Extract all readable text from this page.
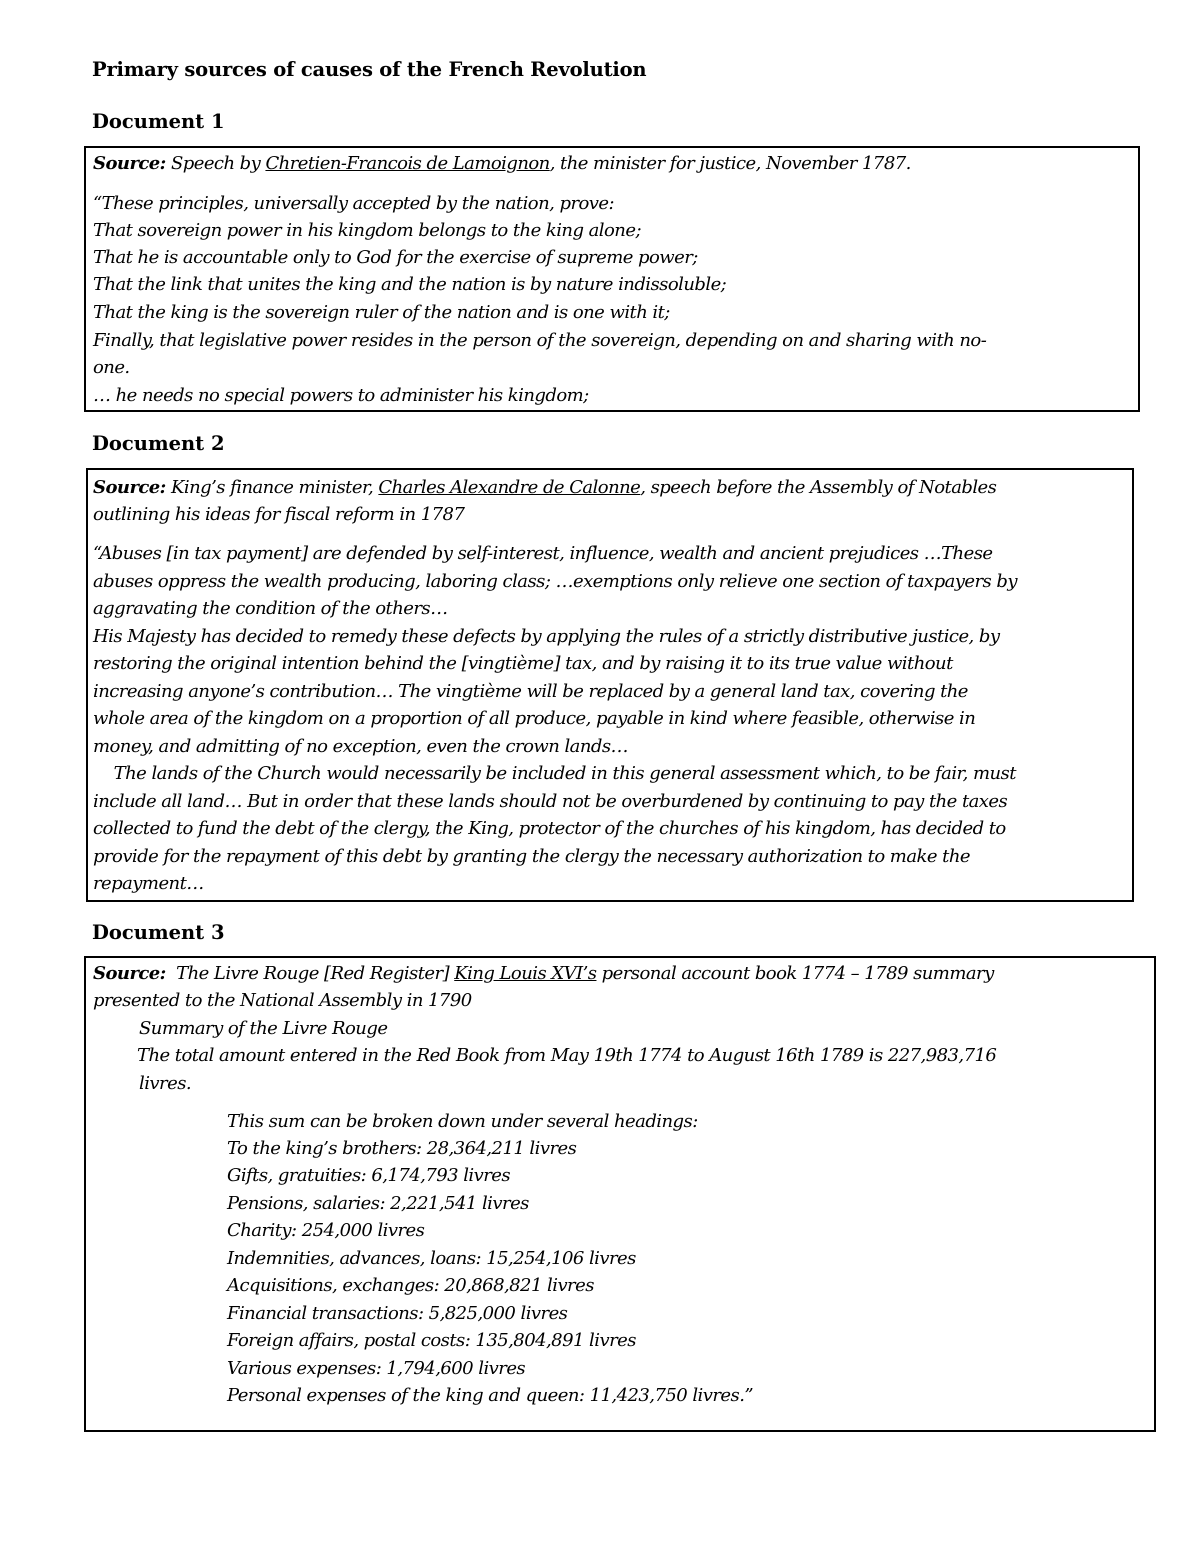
Primary sources of causes of the French Revolution
Document 1
Source: Speech by Chretien-Francois de Lamoignon, the minister for justice, November 1787.
“These principles, universally accepted by the nation, prove:
That sovereign power in his kingdom belongs to the king alone;
That he is accountable only to God for the exercise of supreme power;
That the link that unites the king and the nation is by nature indissoluble;
That the king is the sovereign ruler of the nation and is one with it;
Finally, that legislative power resides in the person of the sovereign, depending on and sharing with no-
one.
… he needs no special powers to administer his kingdom;
Document 2
Source: King’s finance minister, Charles Alexandre de Calonne, speech before the Assembly of Notables
outlining his ideas for fiscal reform in 1787
“Abuses [in tax payment] are defended by self-interest, influence, wealth and ancient prejudices …These
abuses oppress the wealth producing, laboring class; …exemptions only relieve one section of taxpayers by
aggravating the condition of the others…
His Majesty has decided to remedy these defects by applying the rules of a strictly distributive justice, by
restoring the original intention behind the [vingtième] tax, and by raising it to its true value without
increasing anyone’s contribution… The vingtième will be replaced by a general land tax, covering the
whole area of the kingdom on a proportion of all produce, payable in kind where feasible, otherwise in
money, and admitting of no exception, even the crown lands…
The lands of the Church would necessarily be included in this general assessment which, to be fair, must
include all land… But in order that these lands should not be overburdened by continuing to pay the taxes
collected to fund the debt of the clergy, the King, protector of the churches of his kingdom, has decided to
provide for the repayment of this debt by granting the clergy the necessary authorization to make the
repayment…
Document 3
Source:  The Livre Rouge [Red Register] King Louis XVI’s personal account book 1774 – 1789 summary
presented to the National Assembly in 1790
Summary of the Livre Rouge
The total amount entered in the Red Book from May 19th 1774 to August 16th 1789 is 227,983,716
livres.
This sum can be broken down under several headings:
To the king’s brothers: 28,364,211 livres
Gifts, gratuities: 6,174,793 livres
Pensions, salaries: 2,221,541 livres
Charity: 254,000 livres
Indemnities, advances, loans: 15,254,106 livres
Acquisitions, exchanges: 20,868,821 livres
Financial transactions: 5,825,000 livres
Foreign affairs, postal costs: 135,804,891 livres
Various expenses: 1,794,600 livres
Personal expenses of the king and queen: 11,423,750 livres.”
